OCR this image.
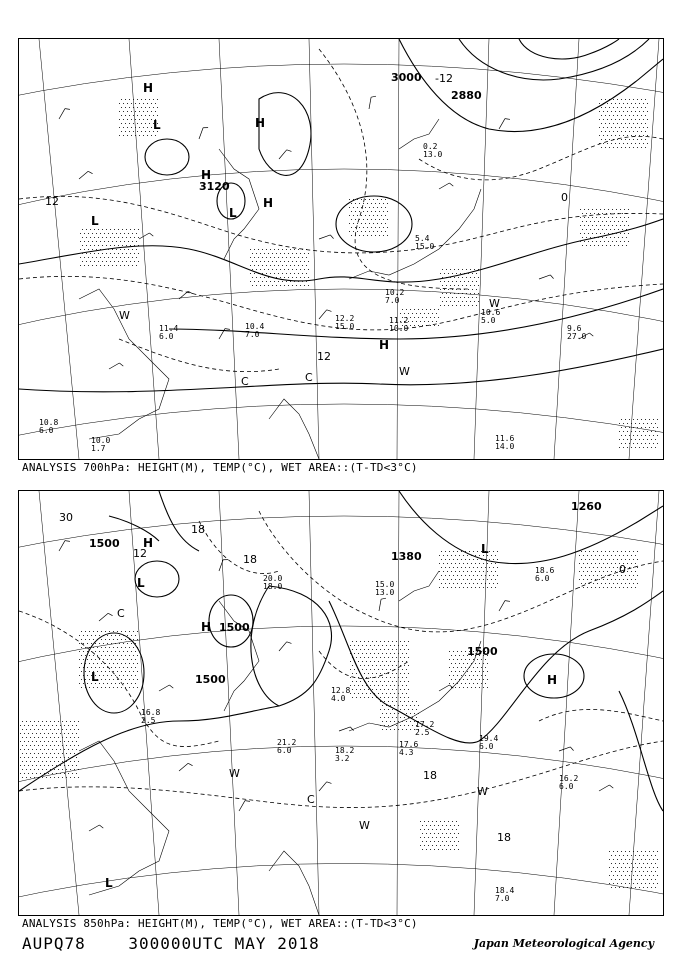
3000
3120
2880
12	0
-12
12
H
H
H
H
H
L
L
L
W
W
W
C	C
11.2
10.0	9.6
27.0
10.6
5.0
11.6
14.0
10.0
1.7
12.2
15.0
10.2
7.0
11.4
6.0
10.4
7.0
5.4
15.0
0.2
13.0
10.8
6.0
ANALYSIS 700hPa: HEIGHT(M), TEMP(°C), WET AREA::(T-TD<3°C)
1500
1500
1500
1380
1260
1500
18
18
18
30
0
12
18
H
H
H
L
L
L
L
C
W
W
W
C
16.2
6.0
19.4
6.0
17.6
4.3
18.4
7.0
18.6
6.0
16.8
2.5	17.2
2.5
21.2
6.0
20.0
18.0
12.8
4.0
18.2
3.2
15.0
13.0
ANALYSIS 850hPa: HEIGHT(M), TEMP(°C), WET AREA::(T-TD<3°C)
AUPQ78	300000UTC MAY 2018	Japan Meteorological Agency
